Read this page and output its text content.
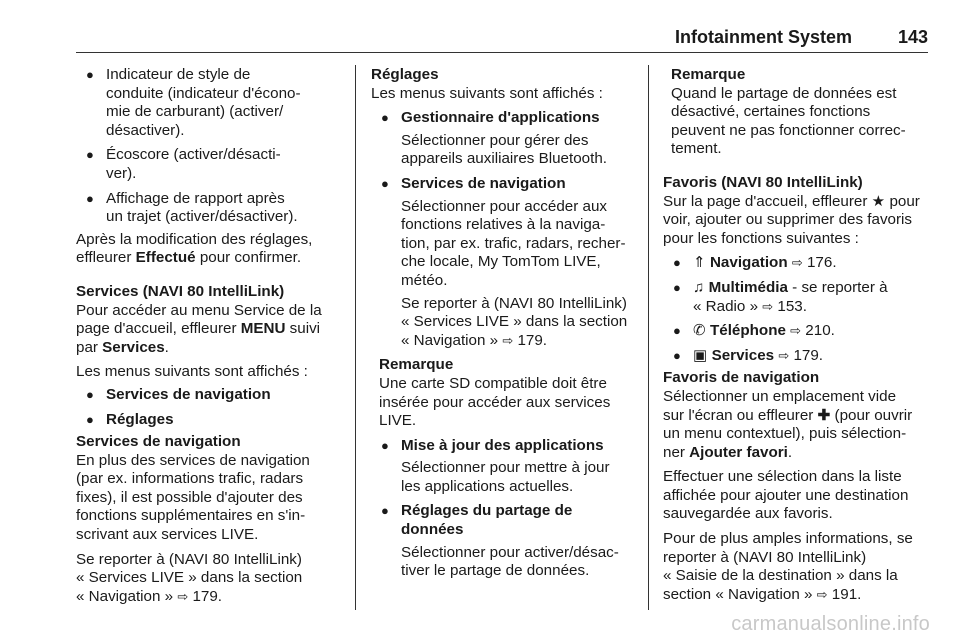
Infotainment System	143
● Indicateur de style de

conduite (indicateur d'écono-

mie de carburant) (activer/

désactiver).

● Écoscore (activer/désacti-

ver).

● Affichage de rapport après

un trajet (activer/désactiver).

Après la modification des réglages,

effleurer Effectué pour confirmer.

Services (NAVI 80 IntelliLink)

Pour accéder au menu Service de la

page d'accueil, effleurer MENU suivi

par Services.

Les menus suivants sont affichés :

● Services de navigation

● Réglages

Services de navigation

En plus des services de navigation

(par ex. informations trafic, radars

fixes), il est possible d'ajouter des

fonctions supplémentaires en s'in-

scrivant aux services LIVE.

Se reporter à (NAVI 80 IntelliLink)

« Services LIVE » dans la section

« Navigation » ⇨ 179.

Réglages

Les menus suivants sont affichés :

● Gestionnaire d'applications

Sélectionner pour gérer des

appareils auxiliaires Bluetooth.

● Services de navigation

Sélectionner pour accéder aux

fonctions relatives à la naviga-

tion, par ex. trafic, radars, recher-

che locale, My TomTom LIVE,

météo.

Se reporter à (NAVI 80 IntelliLink)

« Services LIVE » dans la section

« Navigation » ⇨ 179.

Remarque

Une carte SD compatible doit être

insérée pour accéder aux services

LIVE.

● Mise à jour des applications

Sélectionner pour mettre à jour

les applications actuelles.

● Réglages du partage de données

Sélectionner pour activer/désac-

tiver le partage de données.

Remarque

Quand le partage de données est

désactivé, certaines fonctions

peuvent ne pas fonctionner correc-

tement.

Favoris (NAVI 80 IntelliLink)

Sur la page d'accueil, effleurer ★ pour

voir, ajouter ou supprimer des favoris

pour les fonctions suivantes :

● ⇑ Navigation ⇨ 176.

● ♫ Multimédia - se reporter à

« Radio » ⇨ 153.

● ✆ Téléphone ⇨ 210.

● ▣ Services ⇨ 179.

Favoris de navigation

Sélectionner un emplacement vide

sur l'écran ou effleurer ✚ (pour ouvrir

un menu contextuel), puis sélection-

ner Ajouter favori.

Effectuer une sélection dans la liste

affichée pour ajouter une destination

sauvegardée aux favoris.

Pour de plus amples informations, se

reporter à (NAVI 80 IntelliLink)

« Saisie de la destination » dans la

section « Navigation » ⇨ 191.

carmanualsonline.info
